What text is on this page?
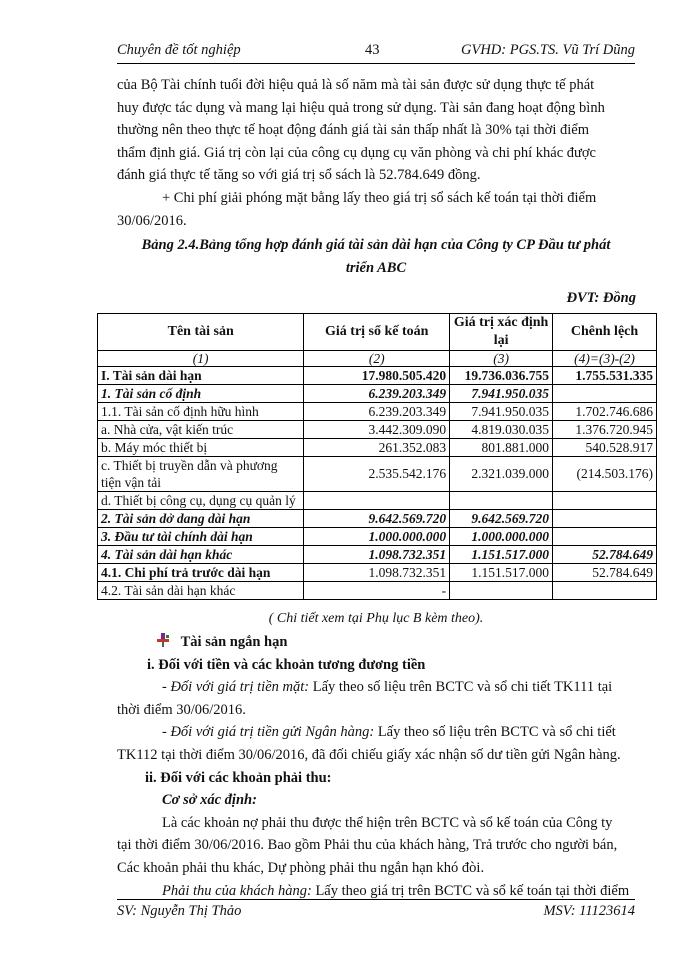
Chuyên đề tốt nghiệp	43	GVHD: PGS.TS. Vũ Trí Dũng
của Bộ Tài chính tuổi đời hiệu quả là số năm mà tài sản được sử dụng thực tế phát
huy được tác dụng và mang lại hiệu quả trong sử dụng. Tài sản đang hoạt động bình
thường nên theo thực tế hoạt động đánh giá tài sản thấp nhất là 30% tại thời điểm
thẩm định giá. Giá trị còn lại của công cụ dụng cụ văn phòng và chi phí khác được
đánh giá thực tế tăng so với giá trị sổ sách là 52.784.649 đồng.
+ Chi phí giải phóng mặt bằng lấy theo giá trị sổ sách kế toán tại thời điểm
30/06/2016.
Bảng 2.4.Bảng tổng hợp đánh giá tài sản dài hạn của Công ty CP Đầu tư phát
triển ABC
ĐVT: Đồng
Tên tài sản	Giá trị sổ kế toán	Giá trị xác định lại	Chênh lệch
(1)	(2)	(3)	(4)=(3)-(2)
I. Tài sản dài hạn	17.980.505.420	19.736.036.755	1.755.531.335
1. Tài sản cố định	6.239.203.349	7.941.950.035	
1.1. Tài sản cố định hữu hình	6.239.203.349	7.941.950.035	1.702.746.686
a. Nhà cửa, vật kiến trúc	3.442.309.090	4.819.030.035	1.376.720.945
b. Máy móc thiết bị	261.352.083	801.881.000	540.528.917
c. Thiết bị truyền dẫn và phương tiện vận tải	2.535.542.176	2.321.039.000	(214.503.176)
d. Thiết bị công cụ, dụng cụ quản lý			
2. Tài sản dở dang dài hạn	9.642.569.720	9.642.569.720	
3. Đầu tư tài chính dài hạn	1.000.000.000	1.000.000.000	
4. Tài sản dài hạn khác	1.098.732.351	1.151.517.000	52.784.649
4.1. Chi phí trả trước dài hạn	1.098.732.351	1.151.517.000	52.784.649
4.2. Tài sản dài hạn khác	-		
( Chi tiết xem tại Phụ lục B kèm theo).
Tài sản ngắn hạn
i. Đối với tiền và các khoản tương đương tiền
- Đối với giá trị tiền mặt: Lấy theo số liệu trên BCTC và sổ chi tiết TK111 tại
thời điểm 30/06/2016.
- Đối với giá trị tiền gửi Ngân hàng: Lấy theo số liệu trên BCTC và sổ chi tiết
TK112 tại thời điểm 30/06/2016, đã đối chiếu giấy xác nhận số dư tiền gửi Ngân hàng.
ii. Đối với các khoản phải thu:
Cơ sở xác định:
Là các khoản nợ phải thu được thể hiện trên BCTC và sổ kế toán của Công ty
tại thời điểm 30/06/2016. Bao gồm Phải thu của khách hàng, Trả trước cho người bán,
Các khoản phải thu khác, Dự phòng phải thu ngắn hạn khó đòi.
Phải thu của khách hàng: Lấy theo giá trị trên BCTC và sổ kế toán tại thời điểm
SV: Nguyễn Thị Thảo	MSV: 11123614
